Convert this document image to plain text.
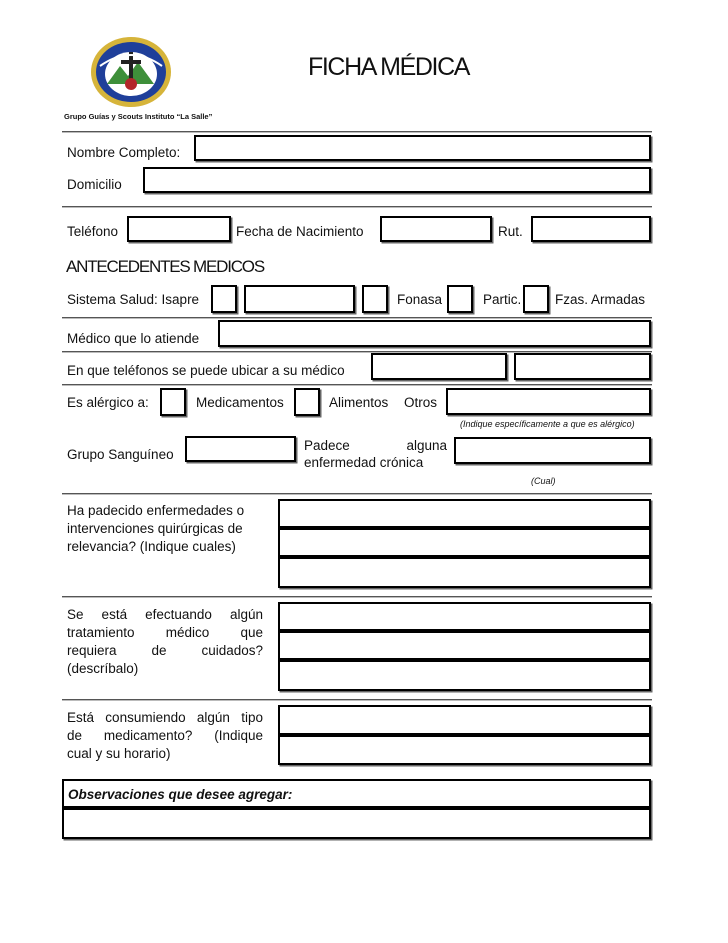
FICHA MÉDICA
Grupo Guías y Scouts Instituto “La Salle”
Nombre Completo:
Domicilio
Teléfono	Fecha de Nacimiento	Rut.
ANTECEDENTES MEDICOS
Sistema Salud: Isapre	Fonasa	Partic. Fzas. Armadas
Médico que lo atiende
En que teléfonos se puede ubicar a su médico
Es alérgico a:	Medicamentos	Alimentos Otros
(Indique específicamente a que es alérgico)
Grupo Sanguíneo
Padece	alguna
enfermedad crónica
(Cual)
Ha padecido enfermedades o
intervenciones quirúrgicas de
relevancia? (Indique cuales)
Se está efectuando algún
tratamiento médico que
requiera de cuidados?
(descríbalo)
Está consumiendo algún tipo
de medicamento? (Indique
cual y su horario)
Observaciones que desee agregar:
